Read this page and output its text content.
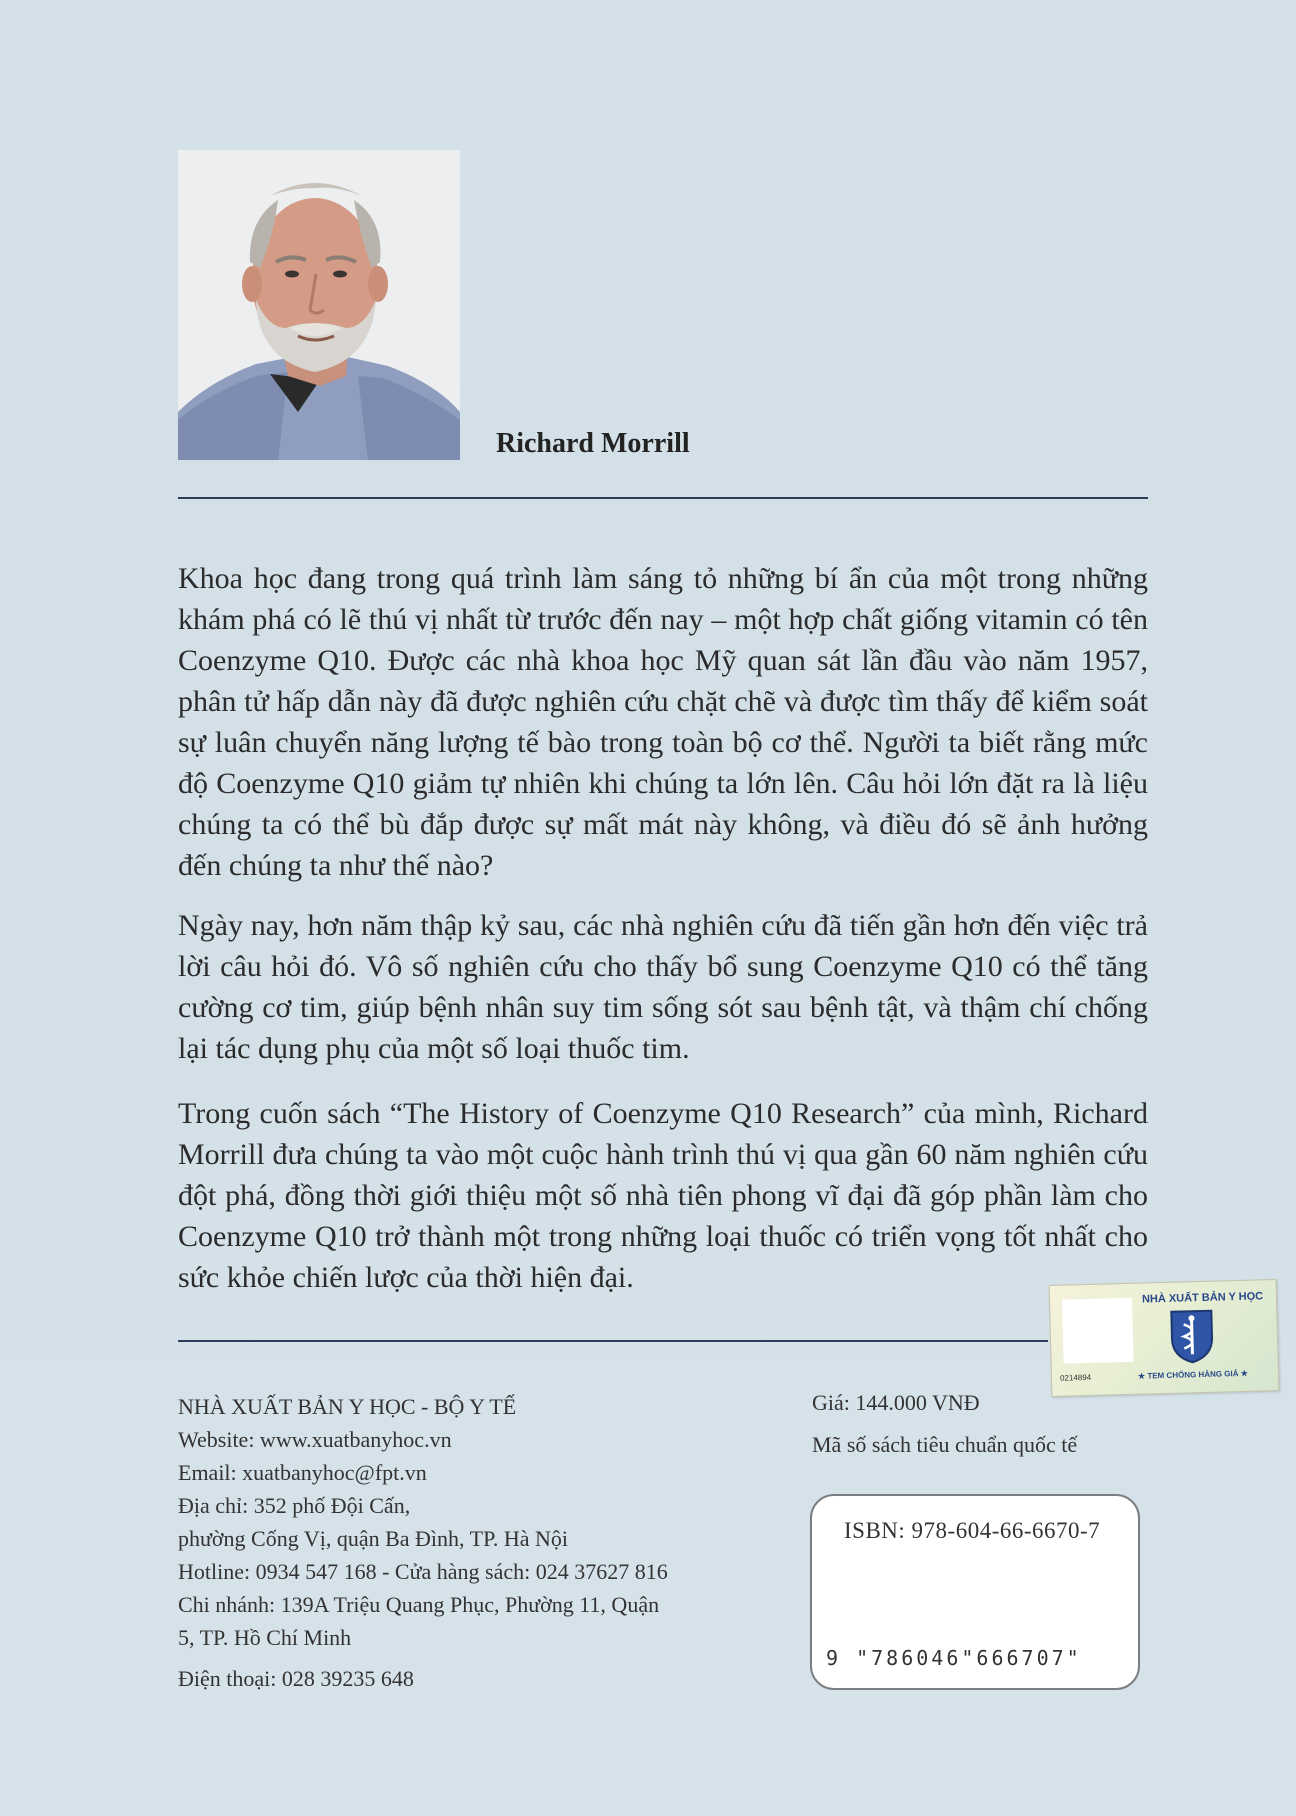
Richard Morrill

Khoa học đang trong quá trình làm sáng tỏ những bí ẩn của một trong những khám phá có lẽ thú vị nhất từ trước đến nay – một hợp chất giống vitamin có tên Coenzyme Q10. Được các nhà khoa học Mỹ quan sát lần đầu vào năm 1957, phân tử hấp dẫn này đã được nghiên cứu chặt chẽ và được tìm thấy để kiểm soát sự luân chuyển năng lượng tế bào trong toàn bộ cơ thể. Người ta biết rằng mức độ Coenzyme Q10 giảm tự nhiên khi chúng ta lớn lên. Câu hỏi lớn đặt ra là liệu chúng ta có thể bù đắp được sự mất mát này không, và điều đó sẽ ảnh hưởng đến chúng ta như thế nào?

Ngày nay, hơn năm thập kỷ sau, các nhà nghiên cứu đã tiến gần hơn đến việc trả lời câu hỏi đó. Vô số nghiên cứu cho thấy bổ sung Coenzyme Q10 có thể tăng cường cơ tim, giúp bệnh nhân suy tim sống sót sau bệnh tật, và thậm chí chống lại tác dụng phụ của một số loại thuốc tim.

Trong cuốn sách “The History of Coenzyme Q10 Research” của mình, Richard Morrill đưa chúng ta vào một cuộc hành trình thú vị qua gần 60 năm nghiên cứu đột phá, đồng thời giới thiệu một số nhà tiên phong vĩ đại đã góp phần làm cho Coenzyme Q10 trở thành một trong những loại thuốc có triển vọng tốt nhất cho sức khỏe chiến lược của thời hiện đại.

NHÀ XUẤT BẢN Y HỌC
0214894	★ TEM CHỐNG HÀNG GIẢ ★
NHÀ XUẤT BẢN Y HỌC - BỘ Y TẾ
Website: www.xuatbanyhoc.vn
Email: xuatbanyhoc@fpt.vn
Địa chỉ: 352 phố Đội Cấn,
phường Cống Vị, quận Ba Đình, TP. Hà Nội
Hotline: 0934 547 168 - Cửa hàng sách: 024 37627 816
Chi nhánh: 139A Triệu Quang Phục, Phường 11, Quận
5, TP. Hồ Chí Minh
Điện thoại: 028 39235 648
Giá: 144.000 VNĐ
Mã số sách tiêu chuẩn quốc tế
ISBN: 978-604-66-6670-7
9 "786046"666707"
